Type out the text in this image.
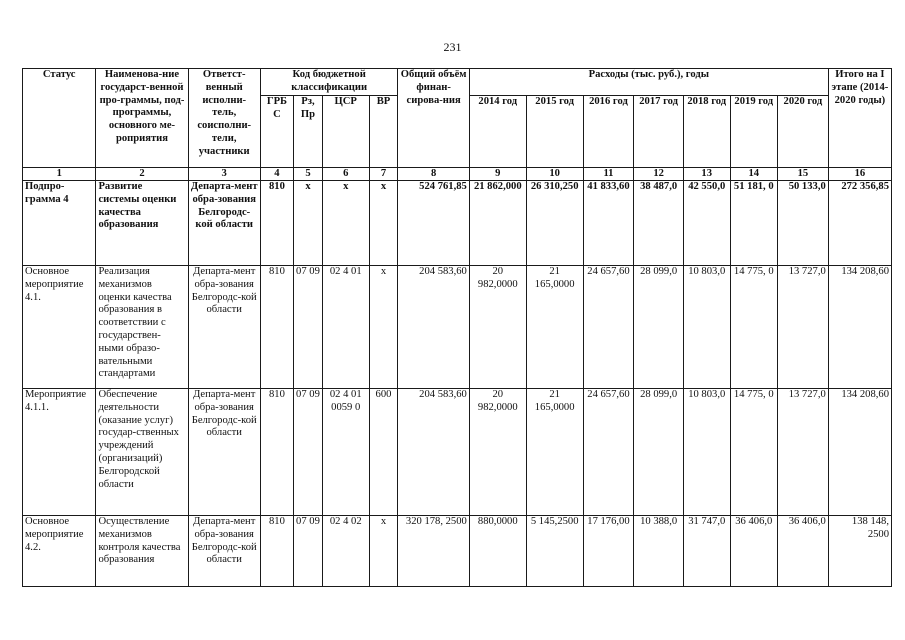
231
Статус	Наименова-ние государст-венной про-граммы, под-программы, основного ме-роприятия	Ответст-венный исполни-тель, соисполни-тели, участники	Код бюджетной классификации				Общий объём финан-сирова-ния	Расходы (тыс. руб.), годы							Итого на I этапе (2014-2020 годы)
			ГРБ С	Рз, Пр	ЦСР	ВР		2014 год	2015 год	2016 год	2017 год	2018 год	2019 год	2020 год	
1	2	3	4	5	6	7	8	9	10	11	12	13	14	15	16
Подпро-грамма 4	Развитие системы оценки качества образования	Департа-мент обра-зования Белгородс-кой области	810	х	х	х	524 761,85	21 862,000	26 310,250	41 833,60	38 487,0	42 550,0	51 181, 0	50 133,0	272 356,85
Основное мероприятие 4.1.	Реализация механизмов оценки качества образования в соответствии с государствен-ными образо-вательными стандартами	Департа-мент обра-зования Белгородс-кой области	810	07 09	02 4 01	х	204 583,60	20 982,0000	21 165,0000	24 657,60	28 099,0	10 803,0	14 775, 0	13 727,0	134 208,60
Мероприятие 4.1.1.	Обеспечение деятельности (оказание услуг) государ-ственных учреждений (организаций) Белгородской области	Департа-мент обра-зования Белгородс-кой области	810	07 09	02 4 01 0059 0	600	204 583,60	20 982,0000	21 165,0000	24 657,60	28 099,0	10 803,0	14 775, 0	13 727,0	134 208,60
Основное мероприятие 4.2.	Осуществление механизмов контроля качества образования	Департа-мент обра-зования Белгородс-кой области	810	07 09	02 4 02	х	320 178, 2500	880,0000	5 145,2500	17 176,00	10 388,0	31 747,0	36 406,0	36 406,0	138 148, 2500
